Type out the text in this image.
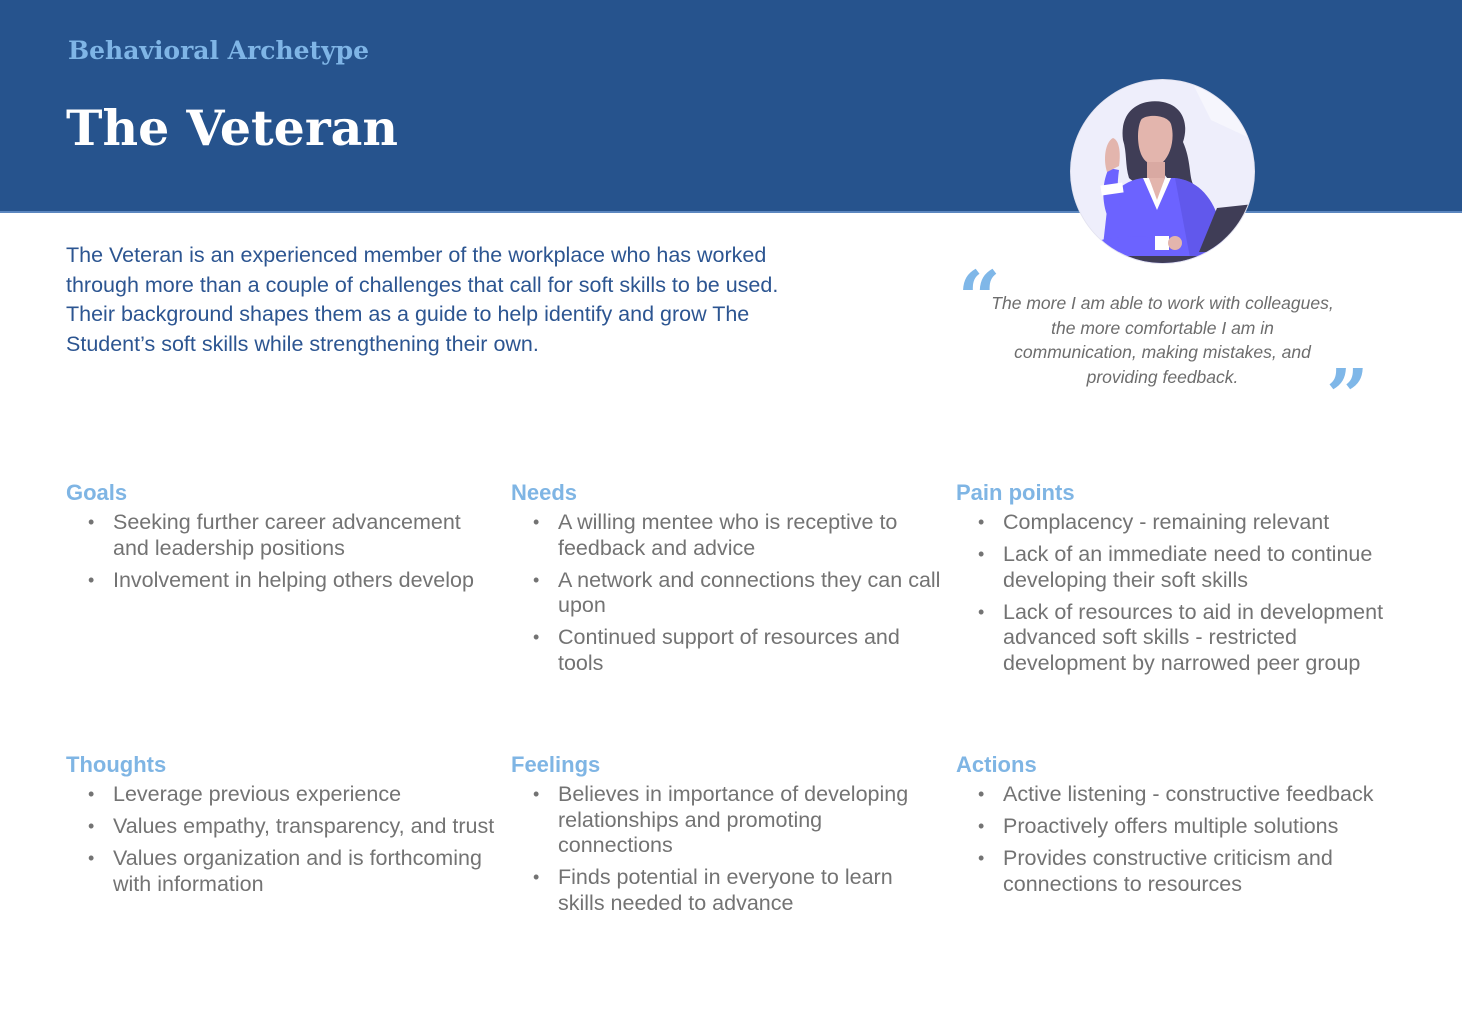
Behavioral Archetype
The Veteran

The Veteran is an experienced member of the workplace who has worked through more than a couple of challenges that call for soft skills to be used. Their background shapes them as a guide to help identify and grow The Student’s soft skills while strengthening their own.

“

The more I am able to work with colleagues, the more comfortable I am in communication, making mistakes, and providing feedback.	”
Goals
• Seeking further career advancement and leadership positions
• Involvement in helping others develop
Needs
• A willing mentee who is receptive to feedback and advice
• A network and connections they can call upon
• Continued support of resources and tools
Pain points
• Complacency - remaining relevant
• Lack of an immediate need to continue developing their soft skills
• Lack of resources to aid in development advanced soft skills - restricted development by narrowed peer group
Thoughts
• Leverage previous experience
• Values empathy, transparency, and trust
• Values organization and is forthcoming with information
Feelings
• Believes in importance of developing relationships and promoting connections
• Finds potential in everyone to learn skills needed to advance
Actions
• Active listening - constructive feedback
• Proactively offers multiple solutions
• Provides constructive criticism and connections to resources
